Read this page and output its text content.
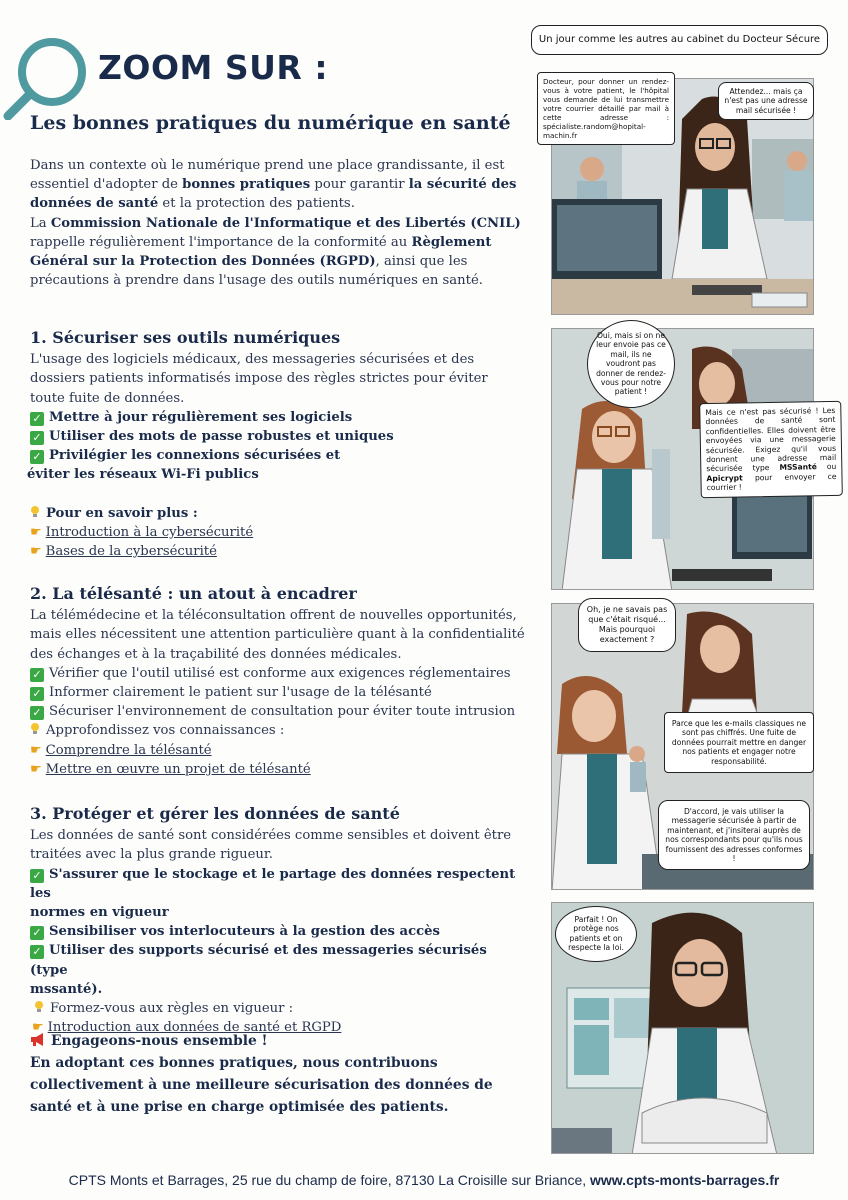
ZOOM SUR :
Les bonnes pratiques du numérique en santé

Dans un contexte où le numérique prend une place grandissante, il est essentiel d'adopter de bonnes pratiques pour garantir la sécurité des données de santé et la protection des patients.

La Commission Nationale de l'Informatique et des Libertés (CNIL) rappelle régulièrement l'importance de la conformité au Règlement Général sur la Protection des Données (RGPD), ainsi que les précautions à prendre dans l'usage des outils numériques en santé.

1. Sécuriser ses outils numériques
L'usage des logiciels médicaux, des messageries sécurisées et des dossiers patients informatisés impose des règles strictes pour éviter toute fuite de données.
✓ Mettre à jour régulièrement ses logiciels
✓ Utiliser des mots de passe robustes et uniques
✓ Privilégier les connexions sécurisées et
éviter les réseaux Wi-Fi publics
Pour en savoir plus :
☛ Introduction à la cybersécurité
☛ Bases de la cybersécurité
2. La télésanté : un atout à encadrer
La télémédecine et la téléconsultation offrent de nouvelles opportunités, mais elles nécessitent une attention particulière quant à la confidentialité des échanges et à la traçabilité des données médicales.
✓ Vérifier que l'outil utilisé est conforme aux exigences réglementaires
✓ Informer clairement le patient sur l'usage de la télésanté
✓ Sécuriser l'environnement de consultation pour éviter toute intrusion
Approfondissez vos connaissances :
☛ Comprendre la télésanté
☛ Mettre en œuvre un projet de télésanté
3. Protéger et gérer les données de santé
Les données de santé sont considérées comme sensibles et doivent être traitées avec la plus grande rigueur.
✓ S'assurer que le stockage et le partage des données respectent les
normes en vigueur
✓ Sensibiliser vos interlocuteurs à la gestion des accès
✓ Utiliser des supports sécurisé et des messageries sécurisés (type
mssanté).
Formez-vous aux règles en vigueur :
☛ Introduction aux données de santé et RGPD
Engageons-nous ensemble !
En adoptant ces bonnes pratiques, nous contribuons collectivement à une meilleure sécurisation des données de santé et à une prise en charge optimisée des patients.
Un jour comme les autres au cabinet du Docteur Sécure
Docteur, pour donner un rendez-vous à votre patient, le l'hôpital vous demande de lui transmettre votre courrier détaillé par mail à cette adresse : spécialiste.random@hopital-machin.fr
Attendez... mais ça n'est pas une adresse mail sécurisée !
Oui, mais si on ne leur envoie pas ce mail, ils ne voudront pas donner de rendez-vous pour notre patient !
Mais ce n'est pas sécurisé ! Les données de santé sont confidentielles. Elles doivent être envoyées via une messagerie sécurisée. Exigez qu'il vous donnent une adresse mail sécurisée type MSSanté ou Apicrypt pour envoyer ce courrier !
Oh, je ne savais pas que c'était risqué... Mais pourquoi exactement ?
Parce que les e-mails classiques ne sont pas chiffrés. Une fuite de données pourrait mettre en danger nos patients et engager notre responsabilité.
D'accord, je vais utiliser la messagerie sécurisée à partir de maintenant, et j'insiterai auprès de nos correspondants pour qu'ils nous fournissent des adresses conformes !
Parfait ! On protège nos patients et on respecte la loi.
CPTS Monts et Barrages, 25 rue du champ de foire, 87130 La Croisille sur Briance, www.cpts-monts-barrages.fr
